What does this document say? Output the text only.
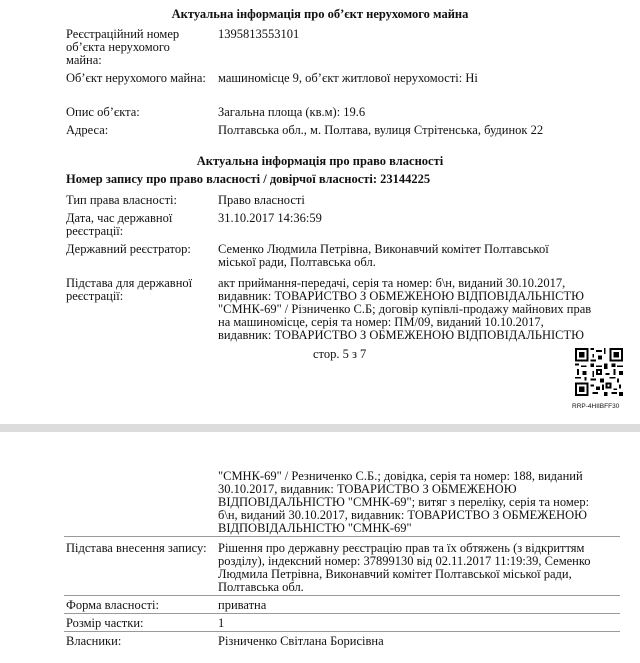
Актуальна інформація про об’єкт нерухомого майна
Реєстраційний номер об’єкта нерухомого майна:
1395813553101
Об’єкт нерухомого майна: машиномісце 9, об’єкт житлової нерухомості: Ні
Опис об’єкта:	Загальна площа (кв.м): 19.6
Адреса:	Полтавська обл., м. Полтава, вулиця Стрітенська, будинок 22
Актуальна інформація про право власності
Номер запису про право власності / довірчої власності: 23144225
Тип права власності:	Право власності
Дата, час державної реєстрації:
31.10.2017 14:36:59
Державний реєстратор:	Семенко Людмила Петрівна, Виконавчий комітет Полтавської
міської ради, Полтавська обл.
Підстава для державної реєстрації:
акт приймання-передачі, серія та номер: б\н, виданий 30.10.2017,
видавник: ТОВАРИСТВО З ОБМЕЖЕНОЮ ВІДПОВІДАЛЬНІСТЮ
"СМНК-69" / Різниченко С.Б; договір купівлі-продажу майнових прав
на машиномісце, серія та номер: ПМ/09, виданий 10.10.2017,
видавник: ТОВАРИСТВО З ОБМЕЖЕНОЮ ВІДПОВІДАЛЬНІСТЮ
стор. 5 з 7
RRP-4HIIBFF30
"СМНК-69" / Резниченко С.Б.; довідка, серія та номер: 188, виданий
30.10.2017, видавник: ТОВАРИСТВО З ОБМЕЖЕНОЮ
ВІДПОВІДАЛЬНІСТЮ "СМНК-69"; витяг з переліку, серія та номер:
б\н, виданий 30.10.2017, видавник: ТОВАРИСТВО З ОБМЕЖЕНОЮ
ВІДПОВІДАЛЬНІСТЮ "СМНК-69"
Підстава внесення запису: Рішення про державну реєстрацію прав та їх обтяжень (з відкриттям
розділу), індексний номер: 37899130 від 02.11.2017 11:19:39, Семенко
Людмила Петрівна, Виконавчий комітет Полтавської міської ради,
Полтавська обл.
Форма власності:	приватна
Розмір частки:	1
Власники:	Різниченко Світлана Борисівна
